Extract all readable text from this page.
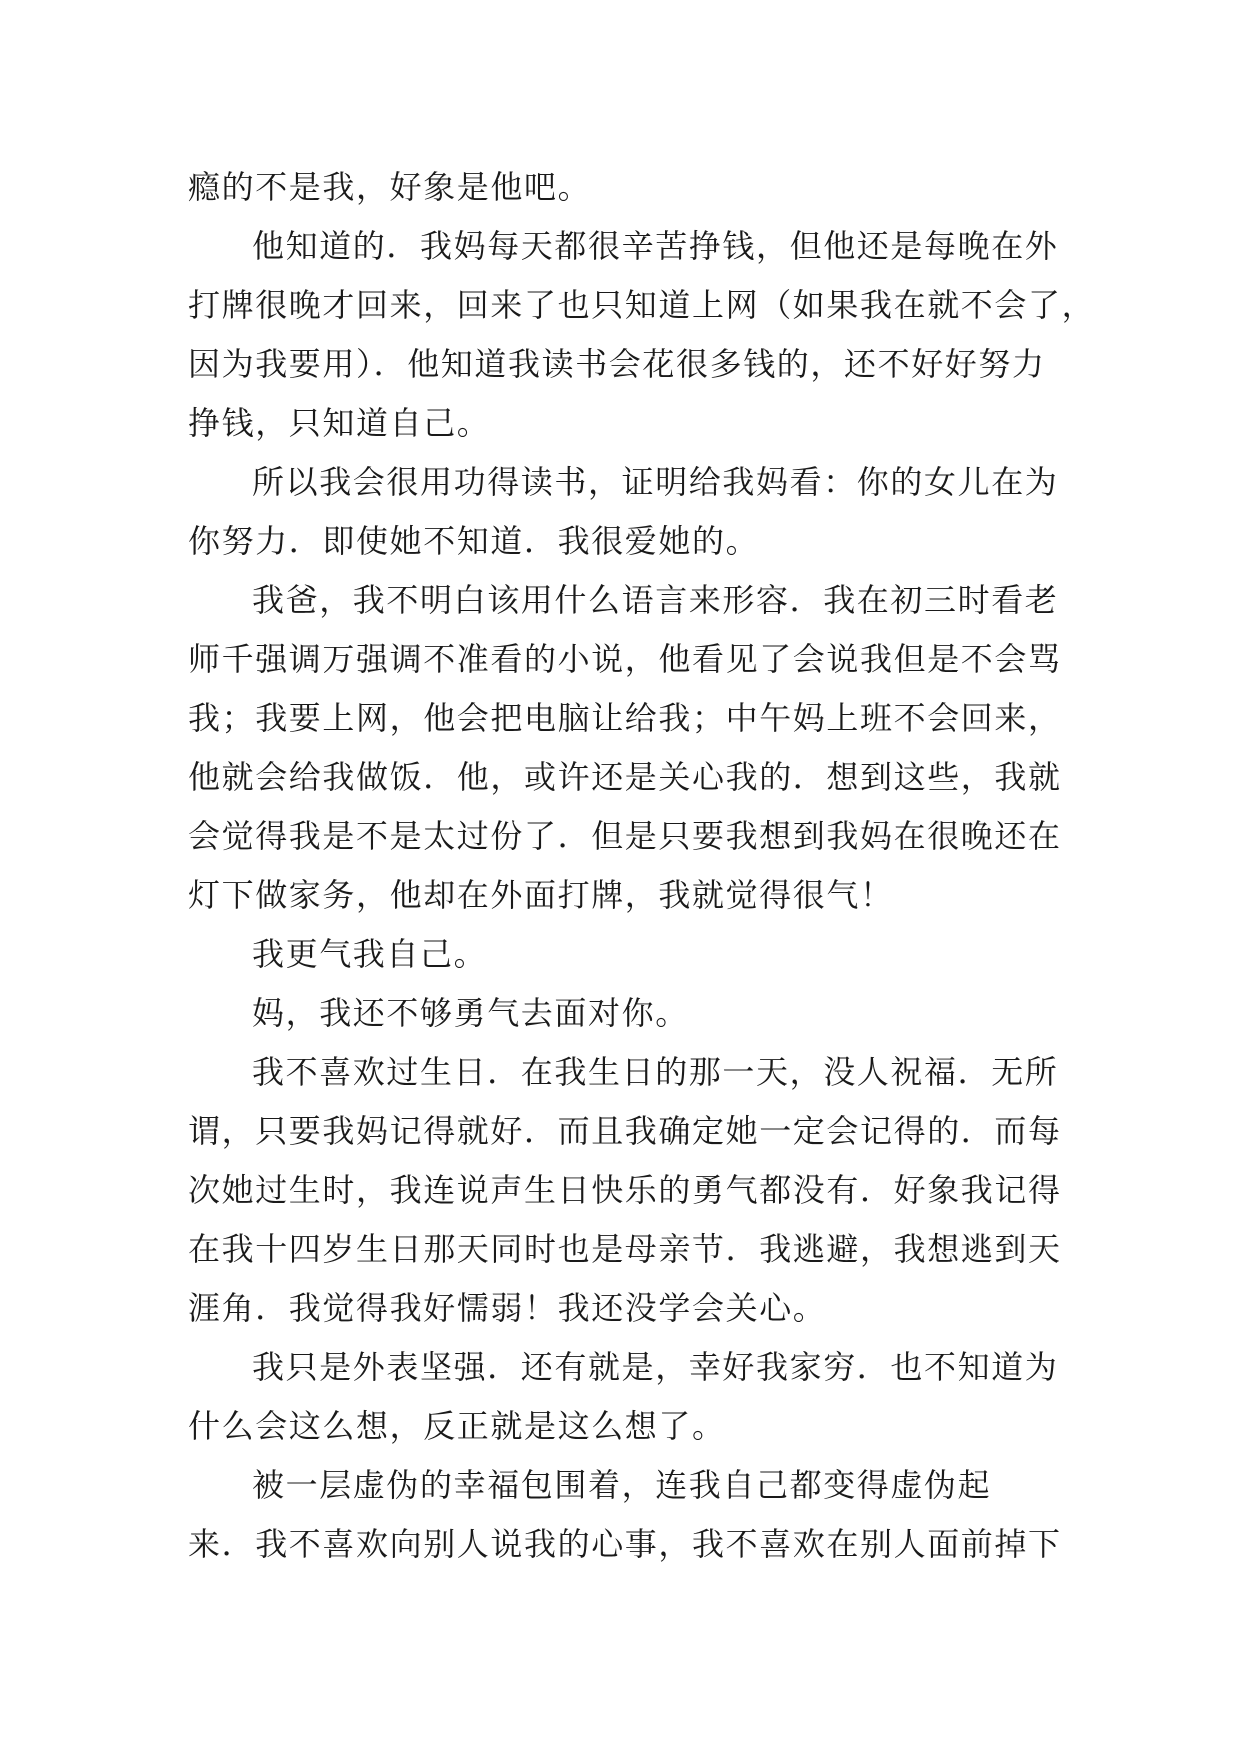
瘾的不是我，好象是他吧。
他知道的．我妈每天都很辛苦挣钱，但他还是每晚在外
打牌很晚才回来，回来了也只知道上网（如果我在就不会了，
因为我要用）．他知道我读书会花很多钱的，还不好好努力
挣钱，只知道自己。
所以我会很用功得读书，证明给我妈看：你的女儿在为
你努力．即使她不知道．我很爱她的。
我爸，我不明白该用什么语言来形容．我在初三时看老
师千强调万强调不准看的小说，他看见了会说我但是不会骂
我；我要上网，他会把电脑让给我；中午妈上班不会回来，
他就会给我做饭．他，或许还是关心我的．想到这些，我就
会觉得我是不是太过份了．但是只要我想到我妈在很晚还在
灯下做家务，他却在外面打牌，我就觉得很气！
我更气我自己。
妈，我还不够勇气去面对你。
我不喜欢过生日．在我生日的那一天，没人祝福．无所
谓，只要我妈记得就好．而且我确定她一定会记得的．而每
次她过生时，我连说声生日快乐的勇气都没有．好象我记得
在我十四岁生日那天同时也是母亲节．我逃避，我想逃到天
涯角．我觉得我好懦弱！我还没学会关心。
我只是外表坚强．还有就是，幸好我家穷．也不知道为
什么会这么想，反正就是这么想了。
被一层虚伪的幸福包围着，连我自己都变得虚伪起
来．我不喜欢向别人说我的心事，我不喜欢在别人面前掉下
